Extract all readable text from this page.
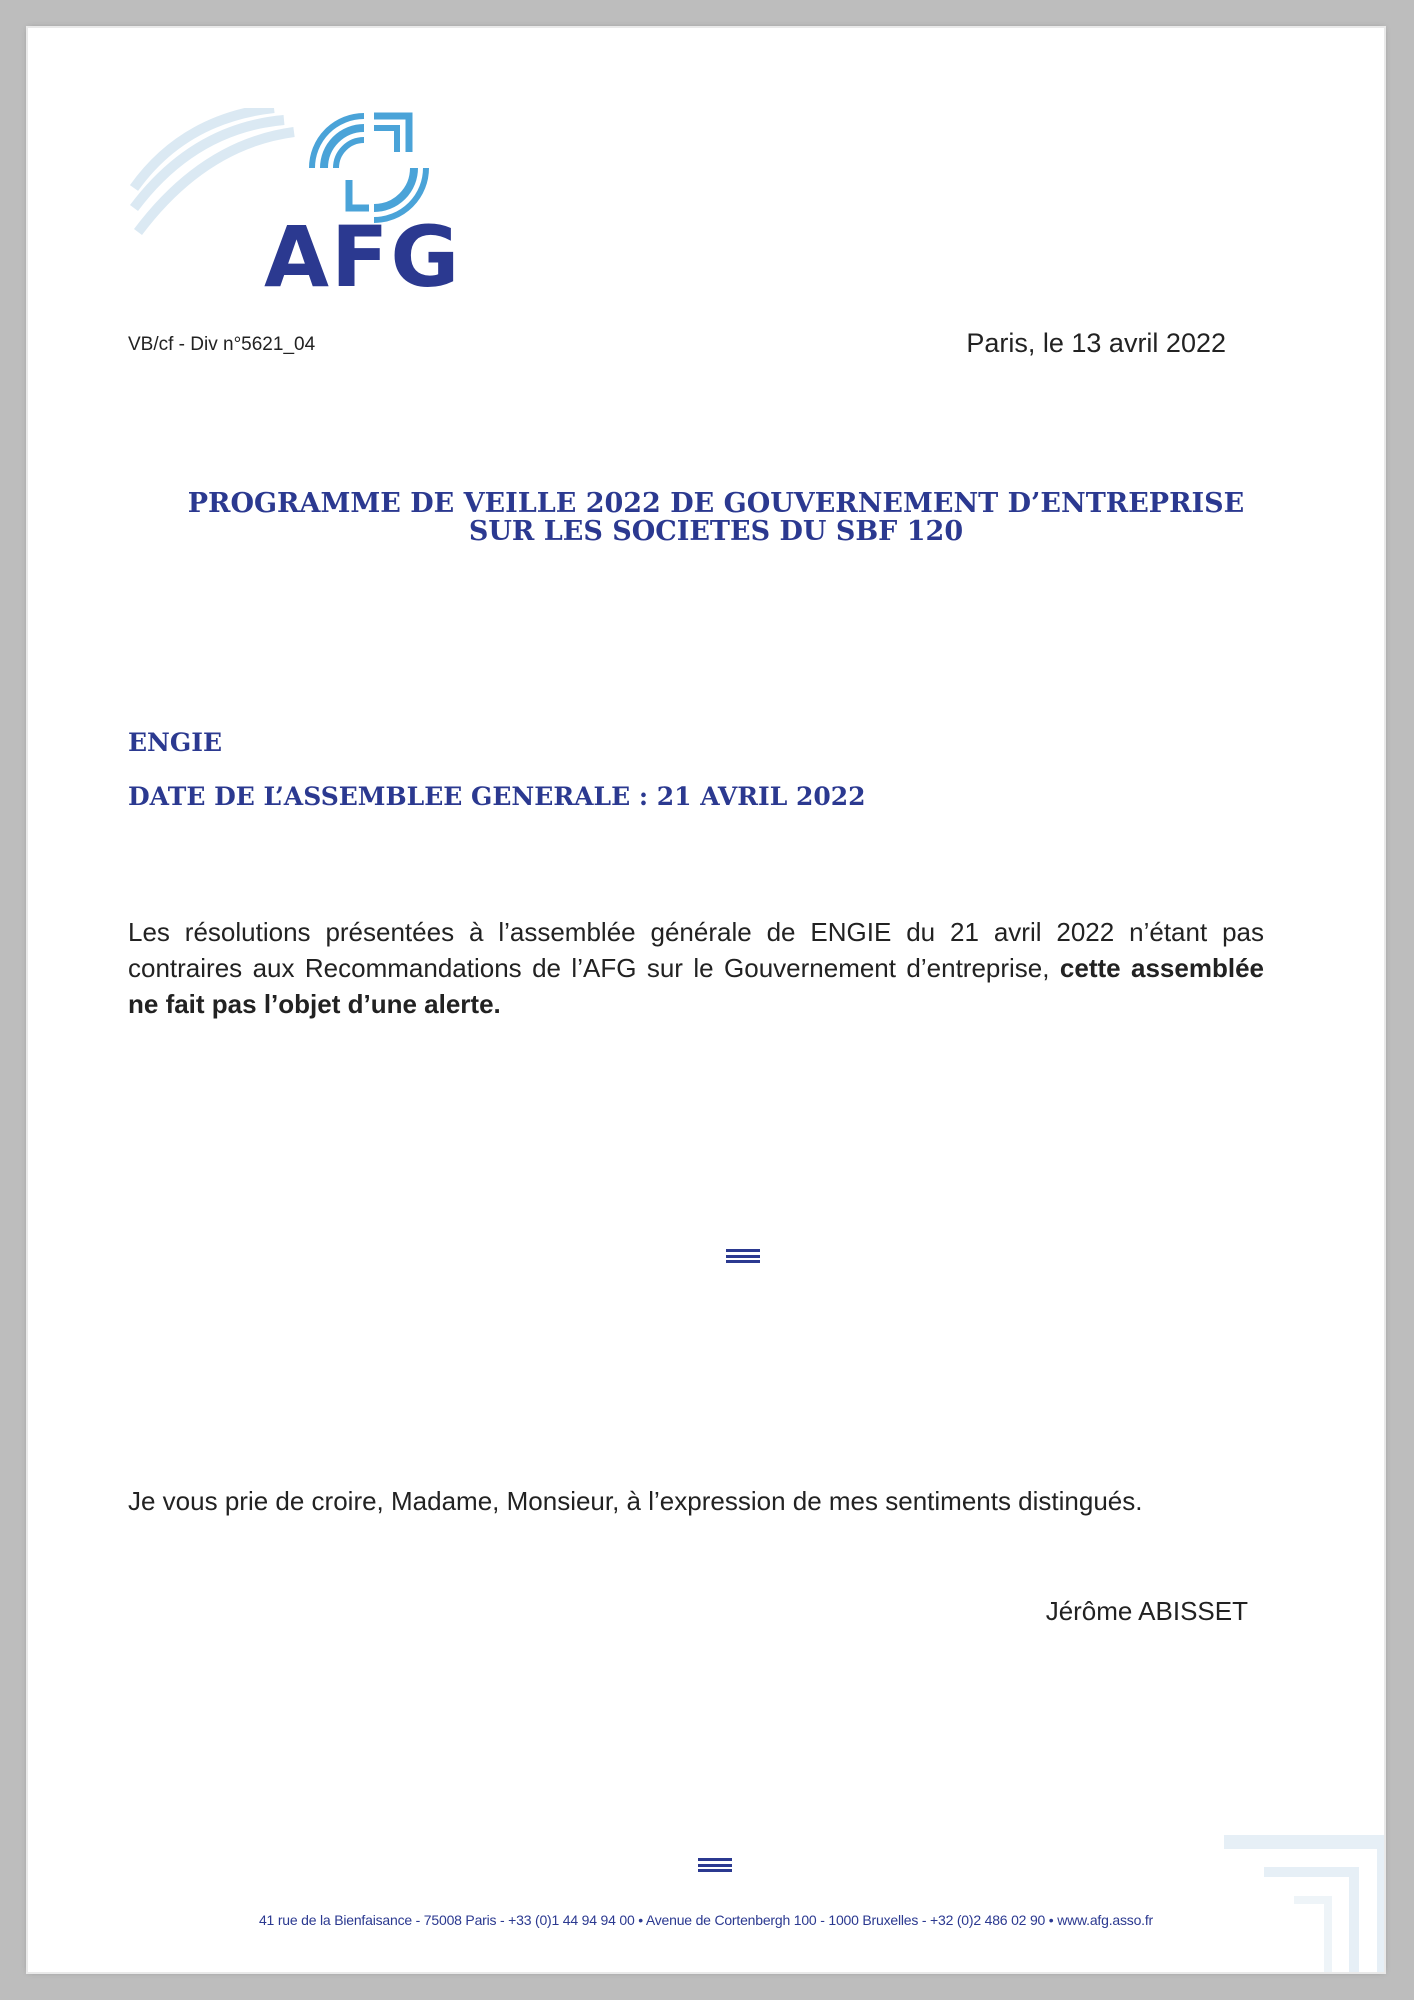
AFG
VB/cf - Div n°5621_04	Paris, le 13 avril 2022
PROGRAMME DE VEILLE 2022 DE GOUVERNEMENT D’ENTREPRISE
SUR LES SOCIETES DU SBF 120
ENGIE
DATE DE L’ASSEMBLEE GENERALE : 21 AVRIL 2022
Les résolutions présentées à l’assemblée générale de ENGIE du 21 avril 2022 n’étant pas contraires aux Recommandations de l’AFG sur le Gouvernement d’entreprise, cette assemblée ne fait pas l’objet d’une alerte.
Je vous prie de croire, Madame, Monsieur, à l’expression de mes sentiments distingués.
Jérôme ABISSET
41 rue de la Bienfaisance - 75008 Paris - +33 (0)1 44 94 94 00 • Avenue de Cortenbergh 100 - 1000 Bruxelles - +32 (0)2 486 02 90 • www.afg.asso.fr
